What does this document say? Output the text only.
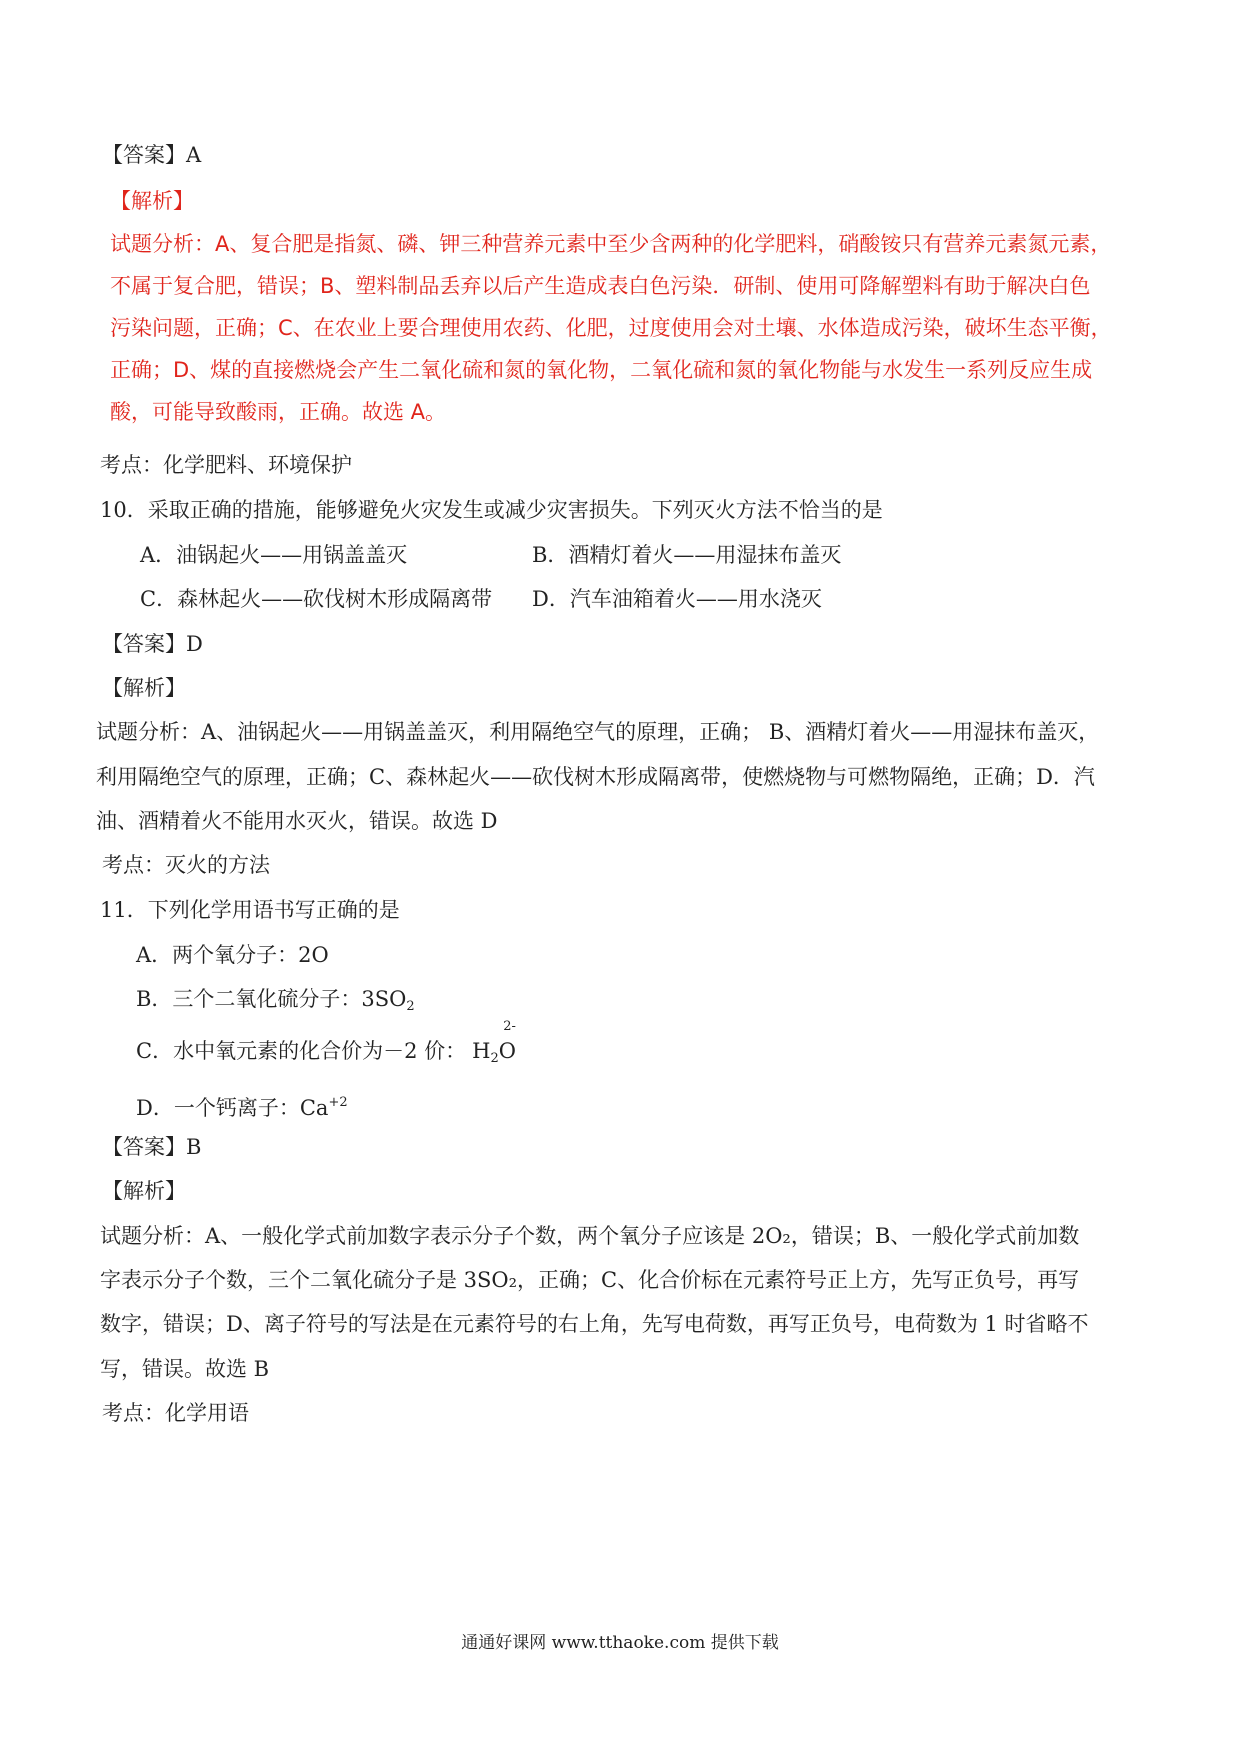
【答案】A
【解析】
试题分析：A、复合肥是指氮、磷、钾三种营养元素中至少含两种的化学肥料，硝酸铵只有营养元素氮元素，
不属于复合肥，错误；B、塑料制品丢弃以后产生造成表白色污染．研制、使用可降解塑料有助于解决白色
污染问题，正确；C、在农业上要合理使用农药、化肥，过度使用会对土壤、水体造成污染，破坏生态平衡，
正确；D、煤的直接燃烧会产生二氧化硫和氮的氧化物，二氧化硫和氮的氧化物能与水发生一系列反应生成
酸，可能导致酸雨，正确。故选 A。
考点：化学肥料、环境保护
10．采取正确的措施，能够避免火灾发生或减少灾害损失。下列灭火方法不恰当的是
A．油锅起火——用锅盖盖灭	B．酒精灯着火——用湿抹布盖灭
C．森林起火——砍伐树木形成隔离带 D．汽车油箱着火——用水浇灭
【答案】D
【解析】
试题分析：A、油锅起火——用锅盖盖灭，利用隔绝空气的原理，正确； B、酒精灯着火——用湿抹布盖灭，
利用隔绝空气的原理，正确；C、森林起火——砍伐树木形成隔离带，使燃烧物与可燃物隔绝，正确；D．汽
油、酒精着火不能用水灭火，错误。故选 D
考点：灭火的方法
11．下列化学用语书写正确的是
A．两个氧分子：2O
B．三个二氧化硫分子：$3SO_2$
C．水中氧元素的化合价为－2 价： $H_2O$
2-
D．一个钙离子：$Ca^{+2}$
【答案】B
【解析】
试题分析：A、一般化学式前加数字表示分子个数，两个氧分子应该是 2O₂，错误；B、一般化学式前加数
字表示分子个数，三个二氧化硫分子是 3SO₂，正确；C、化合价标在元素符号正上方，先写正负号，再写
数字，错误；D、离子符号的写法是在元素符号的右上角，先写电荷数，再写正负号，电荷数为 1 时省略不
写，错误。故选 B
考点：化学用语
通通好课网 www.tthaoke.com 提供下载
